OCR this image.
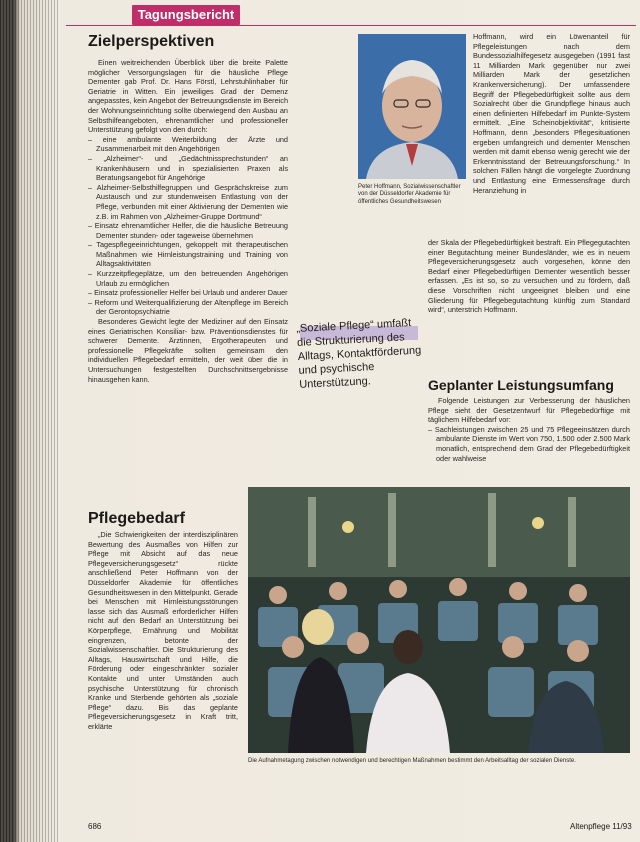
Tagungsbericht
Zielperspektiven

Einen weitreichenden Überblick über die breite Palette möglicher Versorgungslagen für die häusliche Pflege Dementer gab Prof. Dr. Hans Förstl, Lehrstuhlinhaber für Geriatrie in Witten. Ein jeweiliges Grad der Demenz angepasstes, kein Angebot der Betreuungsdienste im Bereich der Wohnungseinrichtung sollte überwiegend den Ausbau an Selbsthilfeangeboten, ehrenamtlicher und professioneller Unterstützung gefolgt von den durch:

– eine ambulante Weiterbildung der Ärzte und Zusammenarbeit mit den Angehörigen
– „Alzheimer“- und „Gedächtnissprechstunden“ an Krankenhäusern und in spezialisierten Praxen als Beratungsangebot für Angehörige
– Alzheimer-Selbsthilfegruppen und Gesprächskreise zum Austausch und zur stundenweisen Entlastung von der Pflege, verbunden mit einer Aktivierung der Dementen wie z.B. im Rahmen von „Alzheimer-Gruppe Dortmund“
– Einsatz ehrenamtlicher Helfer, die die häusliche Betreuung Dementer stunden- oder tageweise übernehmen
– Tagespflegeeinrichtungen, gekoppelt mit therapeutischen Maßnahmen wie Hirnleistungstraining und Training von Alltagsaktivitäten
– Kurzzeitpflegeplätze, um den betreuenden Angehörigen Urlaub zu ermöglichen
– Einsatz professioneller Helfer bei Urlaub und anderer Dauer
– Reform und Weiterqualifizierung der Altenpflege im Bereich der Gerontopsychiatrie

Besonderes Gewicht legte der Mediziner auf den Einsatz eines Geriatrischen Konsiliar- bzw. Präventionsdienstes für schwerer Demente. Ärztinnen, Ergotherapeuten und professionelle Pflegekräfte sollten gemeinsam den individuellen Pflegebedarf ermitteln, der weit über die in Untersuchungen festgestellten Durchschnittsergebnisse hinausgehen kann.

Peter Hoffmann, Sozialwissenschaftler von der Düsseldorfer Akademie für öffentliches Gesundheitswesen

Hoffmann, wird ein Löwenanteil für Pflegeleistungen nach dem Bundessozialhilfegesetz ausgegeben (1991 fast 11 Milliarden Mark gegenüber nur zwei Milliarden Mark der gesetzlichen Krankenversicherung). Der umfassendere Begriff der Pflegebedürftigkeit sollte aus dem Sozialrecht über die Grundpflege hinaus auch einen definierten Hilfebedarf im Punkte-System ermittelt. „Eine Scheinobjektivität“, kritisierte Hoffmann, denn „besonders Pflegesituationen ergeben umfangreich und dementer Menschen werden mit damit ebenso wenig gerecht wie der Erkenntnisstand der Betreuungsforschung.“ In solchen Fällen hängt die vorgelegte Zuordnung und Entlastung eine Ermessensfrage durch Heranziehung in

der Skala der Pflegebedürftigkeit bestraft. Ein Pflegegutachten einer Begutachtung meiner Bundesländer, wie es in neuem Pflegeversicherungsgesetz auch vorgesehen, könne den Bedarf einer Pflegebedürftigen Dementer wesentlich besser erfassen. „Es ist so, so zu versuchen und zu fördern, daß diese Vorschriften nicht ungeeignet bleiben und eine Gliederung für Pflegebegutachtung künftig zum Standard wird“, unterstrich Hoffmann.

„Soziale Pflege“ umfaßt die Strukturierung des Alltags, Kontaktförderung und psychische Unterstützung.	Geplanter Leistungsumfang

Folgende Leistungen zur Verbesserung der häuslichen Pflege sieht der Gesetzentwurf für Pflegebedürftige mit täglichem Hilfebedarf vor:

– Sachleistungen zwischen 25 und 75 Pflegeeinsätzen durch ambulante Dienste im Wert von 750, 1.500 oder 2.500 Mark monatlich, entsprechend dem Grad der Pflegebedürftigkeit oder wahlweise
Pflegebedarf

„Die Schwierigkeiten der interdisziplinären Bewertung des Ausmaßes von Hilfen zur Pflege mit Absicht auf das neue Pflegeversicherungsgesetz“ rückte anschließend Peter Hoffmann von der Düsseldorfer Akademie für öffentliches Gesundheitswesen in den Mittelpunkt. Gerade bei Menschen mit Hirnleistungsstörungen lasse sich das Ausmaß erforderlicher Hilfen nicht auf den Bedarf an Unterstützung bei Körperpflege, Ernährung und Mobilität eingrenzen, betonte der Sozialwissenschaftler. Die Strukturierung des Alltags, Hauswirtschaft und Hilfe, die Förderung oder eingeschränkter sozialer Kontakte und unter Umständen auch psychische Unterstützung für chronisch Kranke und Sterbende gehörten als „soziale Pflege“ dazu. Bis das geplante Pflegeversicherungsgesetz in Kraft tritt, erklärte

Die Aufnahmetagung zwischen notwendigen und berechtigen Maßnahmen bestimmt den Arbeitsalltag der sozialen Dienste.
686	Altenpflege 11/93
